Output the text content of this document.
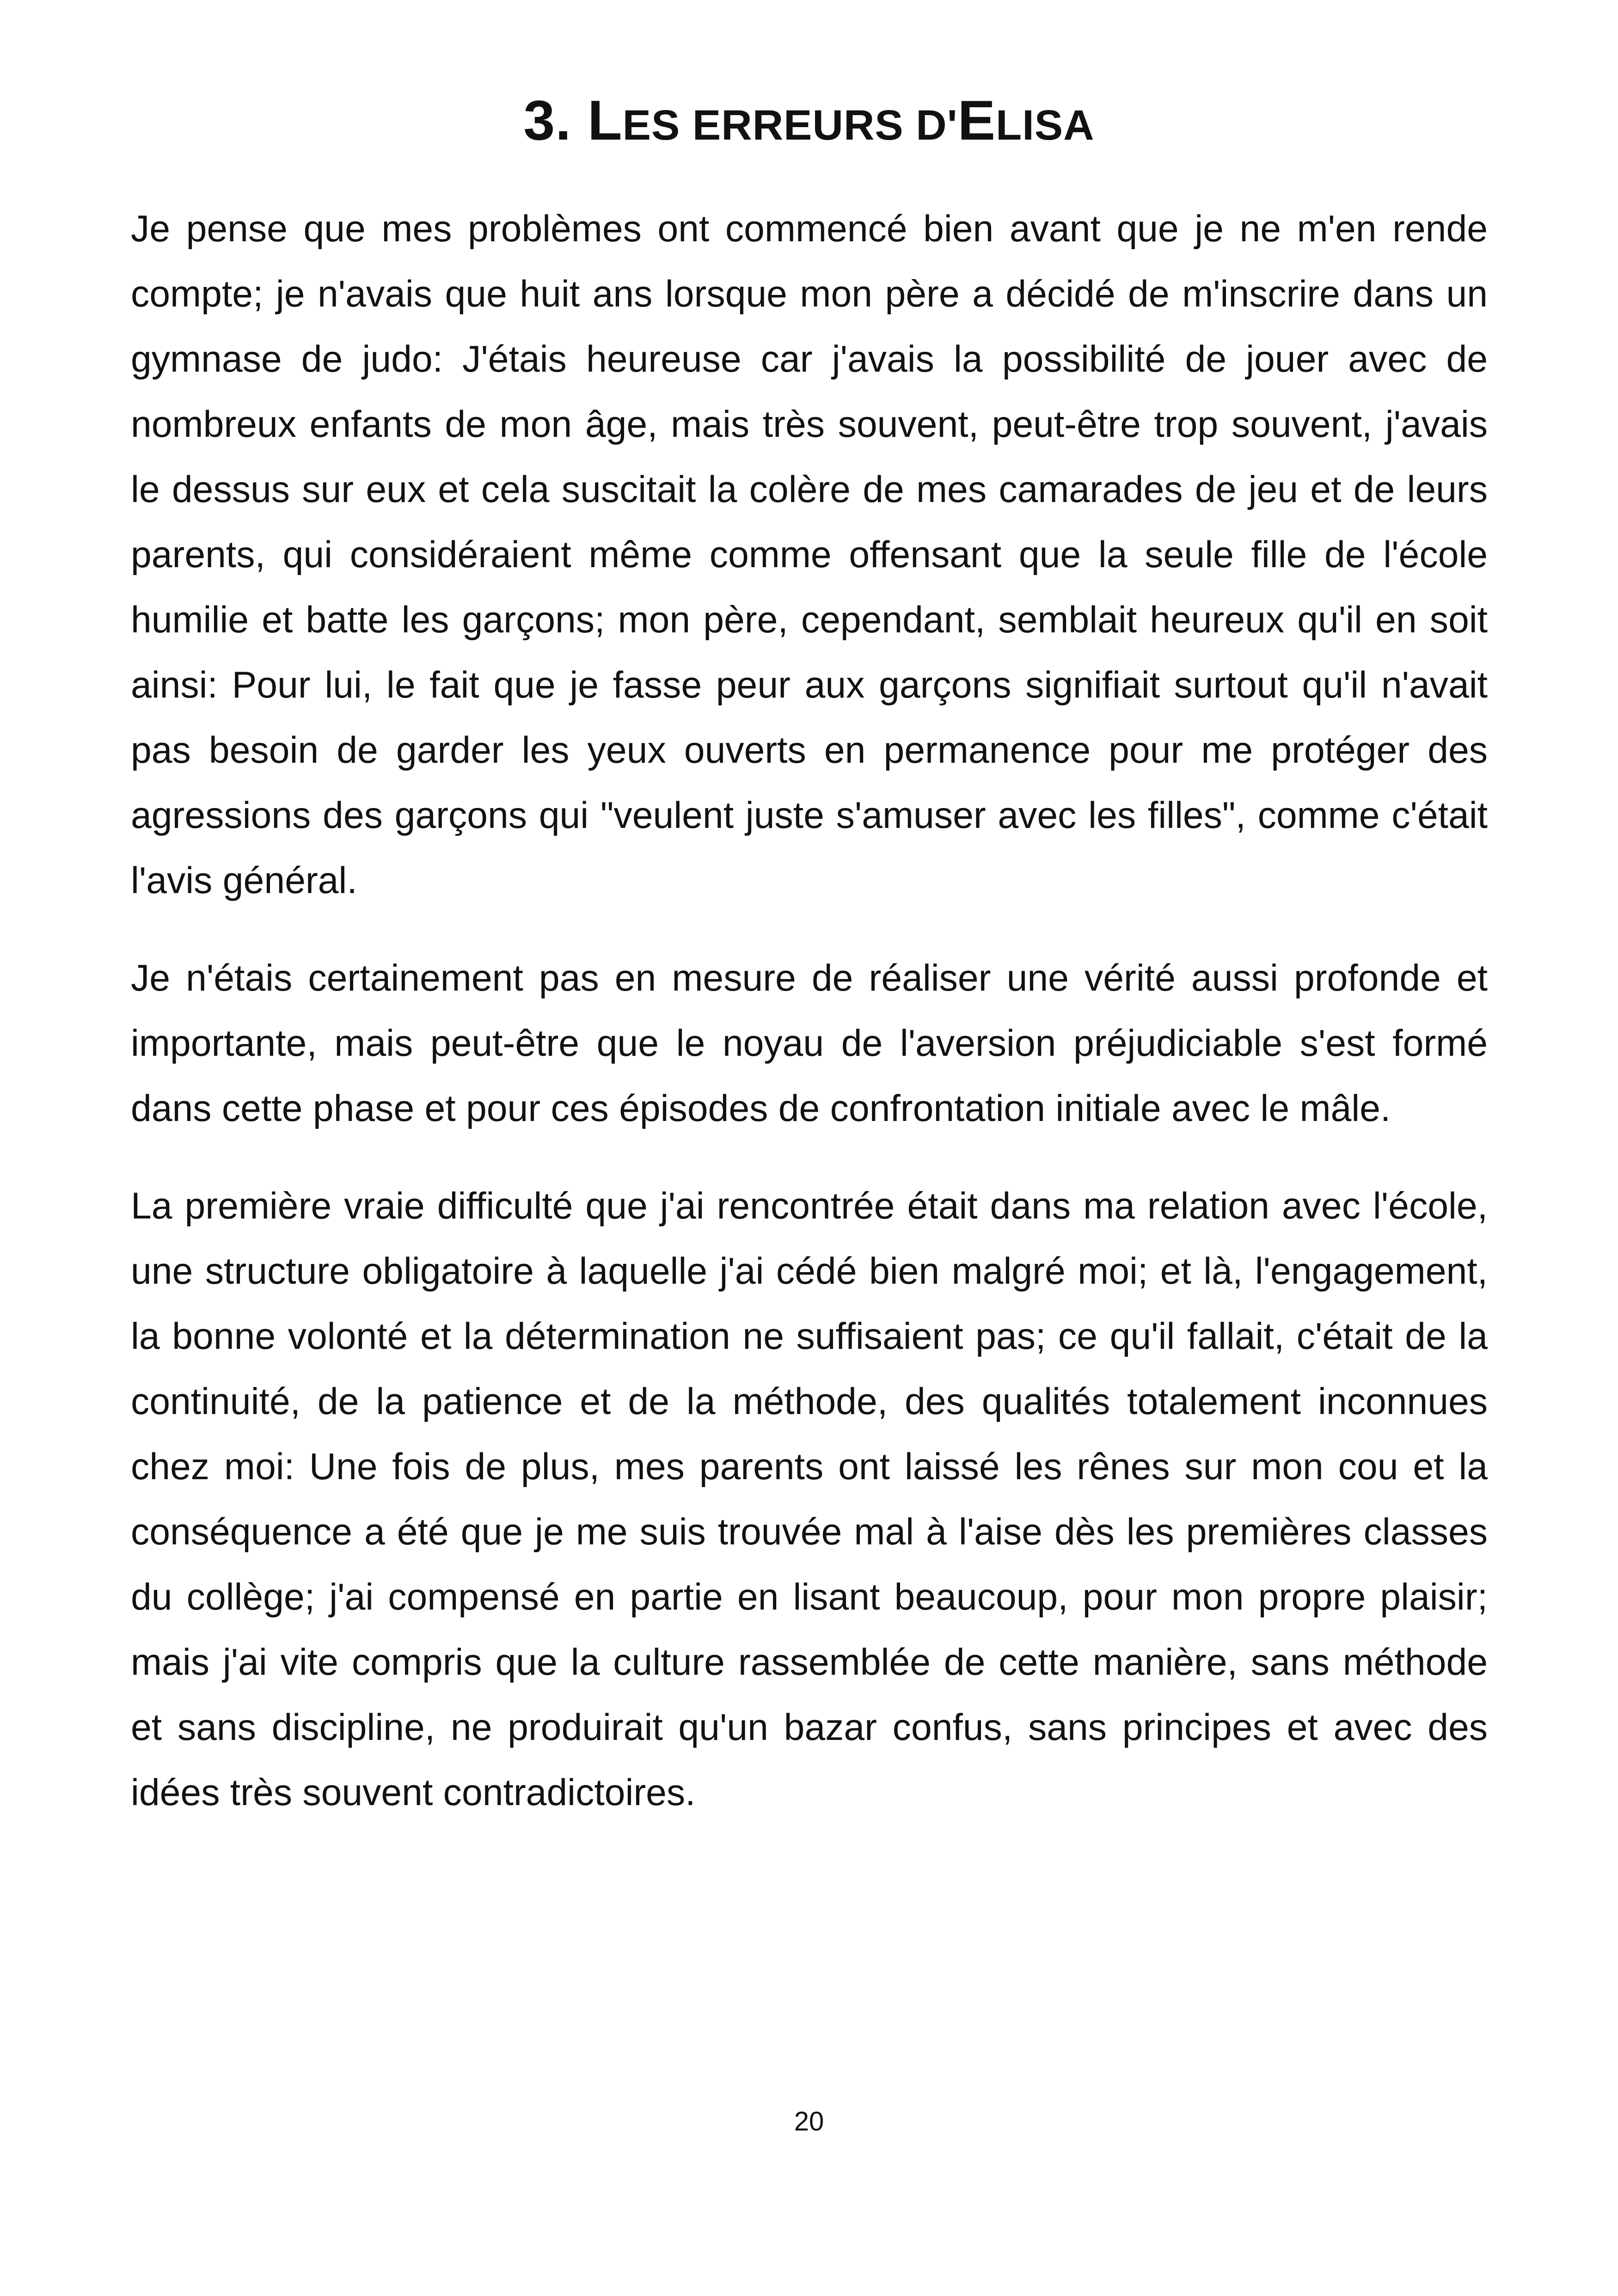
3. LES ERREURS D'ELISA

Je pense que mes problèmes ont commencé bien avant que je ne m'en rende compte; je n'avais que huit ans lorsque mon père a décidé de m'inscrire dans un gymnase de judo: J'étais heureuse car j'avais la possibilité de jouer avec de nombreux enfants de mon âge, mais très souvent, peut-être trop souvent, j'avais le dessus sur eux et cela suscitait la colère de mes camarades de jeu et de leurs parents, qui considéraient même comme offensant que la seule fille de l'école humilie et batte les garçons; mon père, cependant, semblait heureux qu'il en soit ainsi: Pour lui, le fait que je fasse peur aux garçons signifiait surtout qu'il n'avait pas besoin de garder les yeux ouverts en permanence pour me protéger des agressions des garçons qui "veulent juste s'amuser avec les filles", comme c'était l'avis général.

Je n'étais certainement pas en mesure de réaliser une vérité aussi profonde et importante, mais peut-être que le noyau de l'aversion préjudiciable s'est formé dans cette phase et pour ces épisodes de confrontation initiale avec le mâle.

La première vraie difficulté que j'ai rencontrée était dans ma relation avec l'école, une structure obligatoire à laquelle j'ai cédé bien malgré moi; et là, l'engagement, la bonne volonté et la détermination ne suffisaient pas; ce qu'il fallait, c'était de la continuité, de la patience et de la méthode, des qualités totalement inconnues chez moi: Une fois de plus, mes parents ont laissé les rênes sur mon cou et la conséquence a été que je me suis trouvée mal à l'aise dès les premières classes du collège; j'ai compensé en partie en lisant beaucoup, pour mon propre plaisir; mais j'ai vite compris que la culture rassemblée de cette manière, sans méthode et sans discipline, ne produirait qu'un bazar confus, sans principes et avec des idées très souvent contradictoires.

20
